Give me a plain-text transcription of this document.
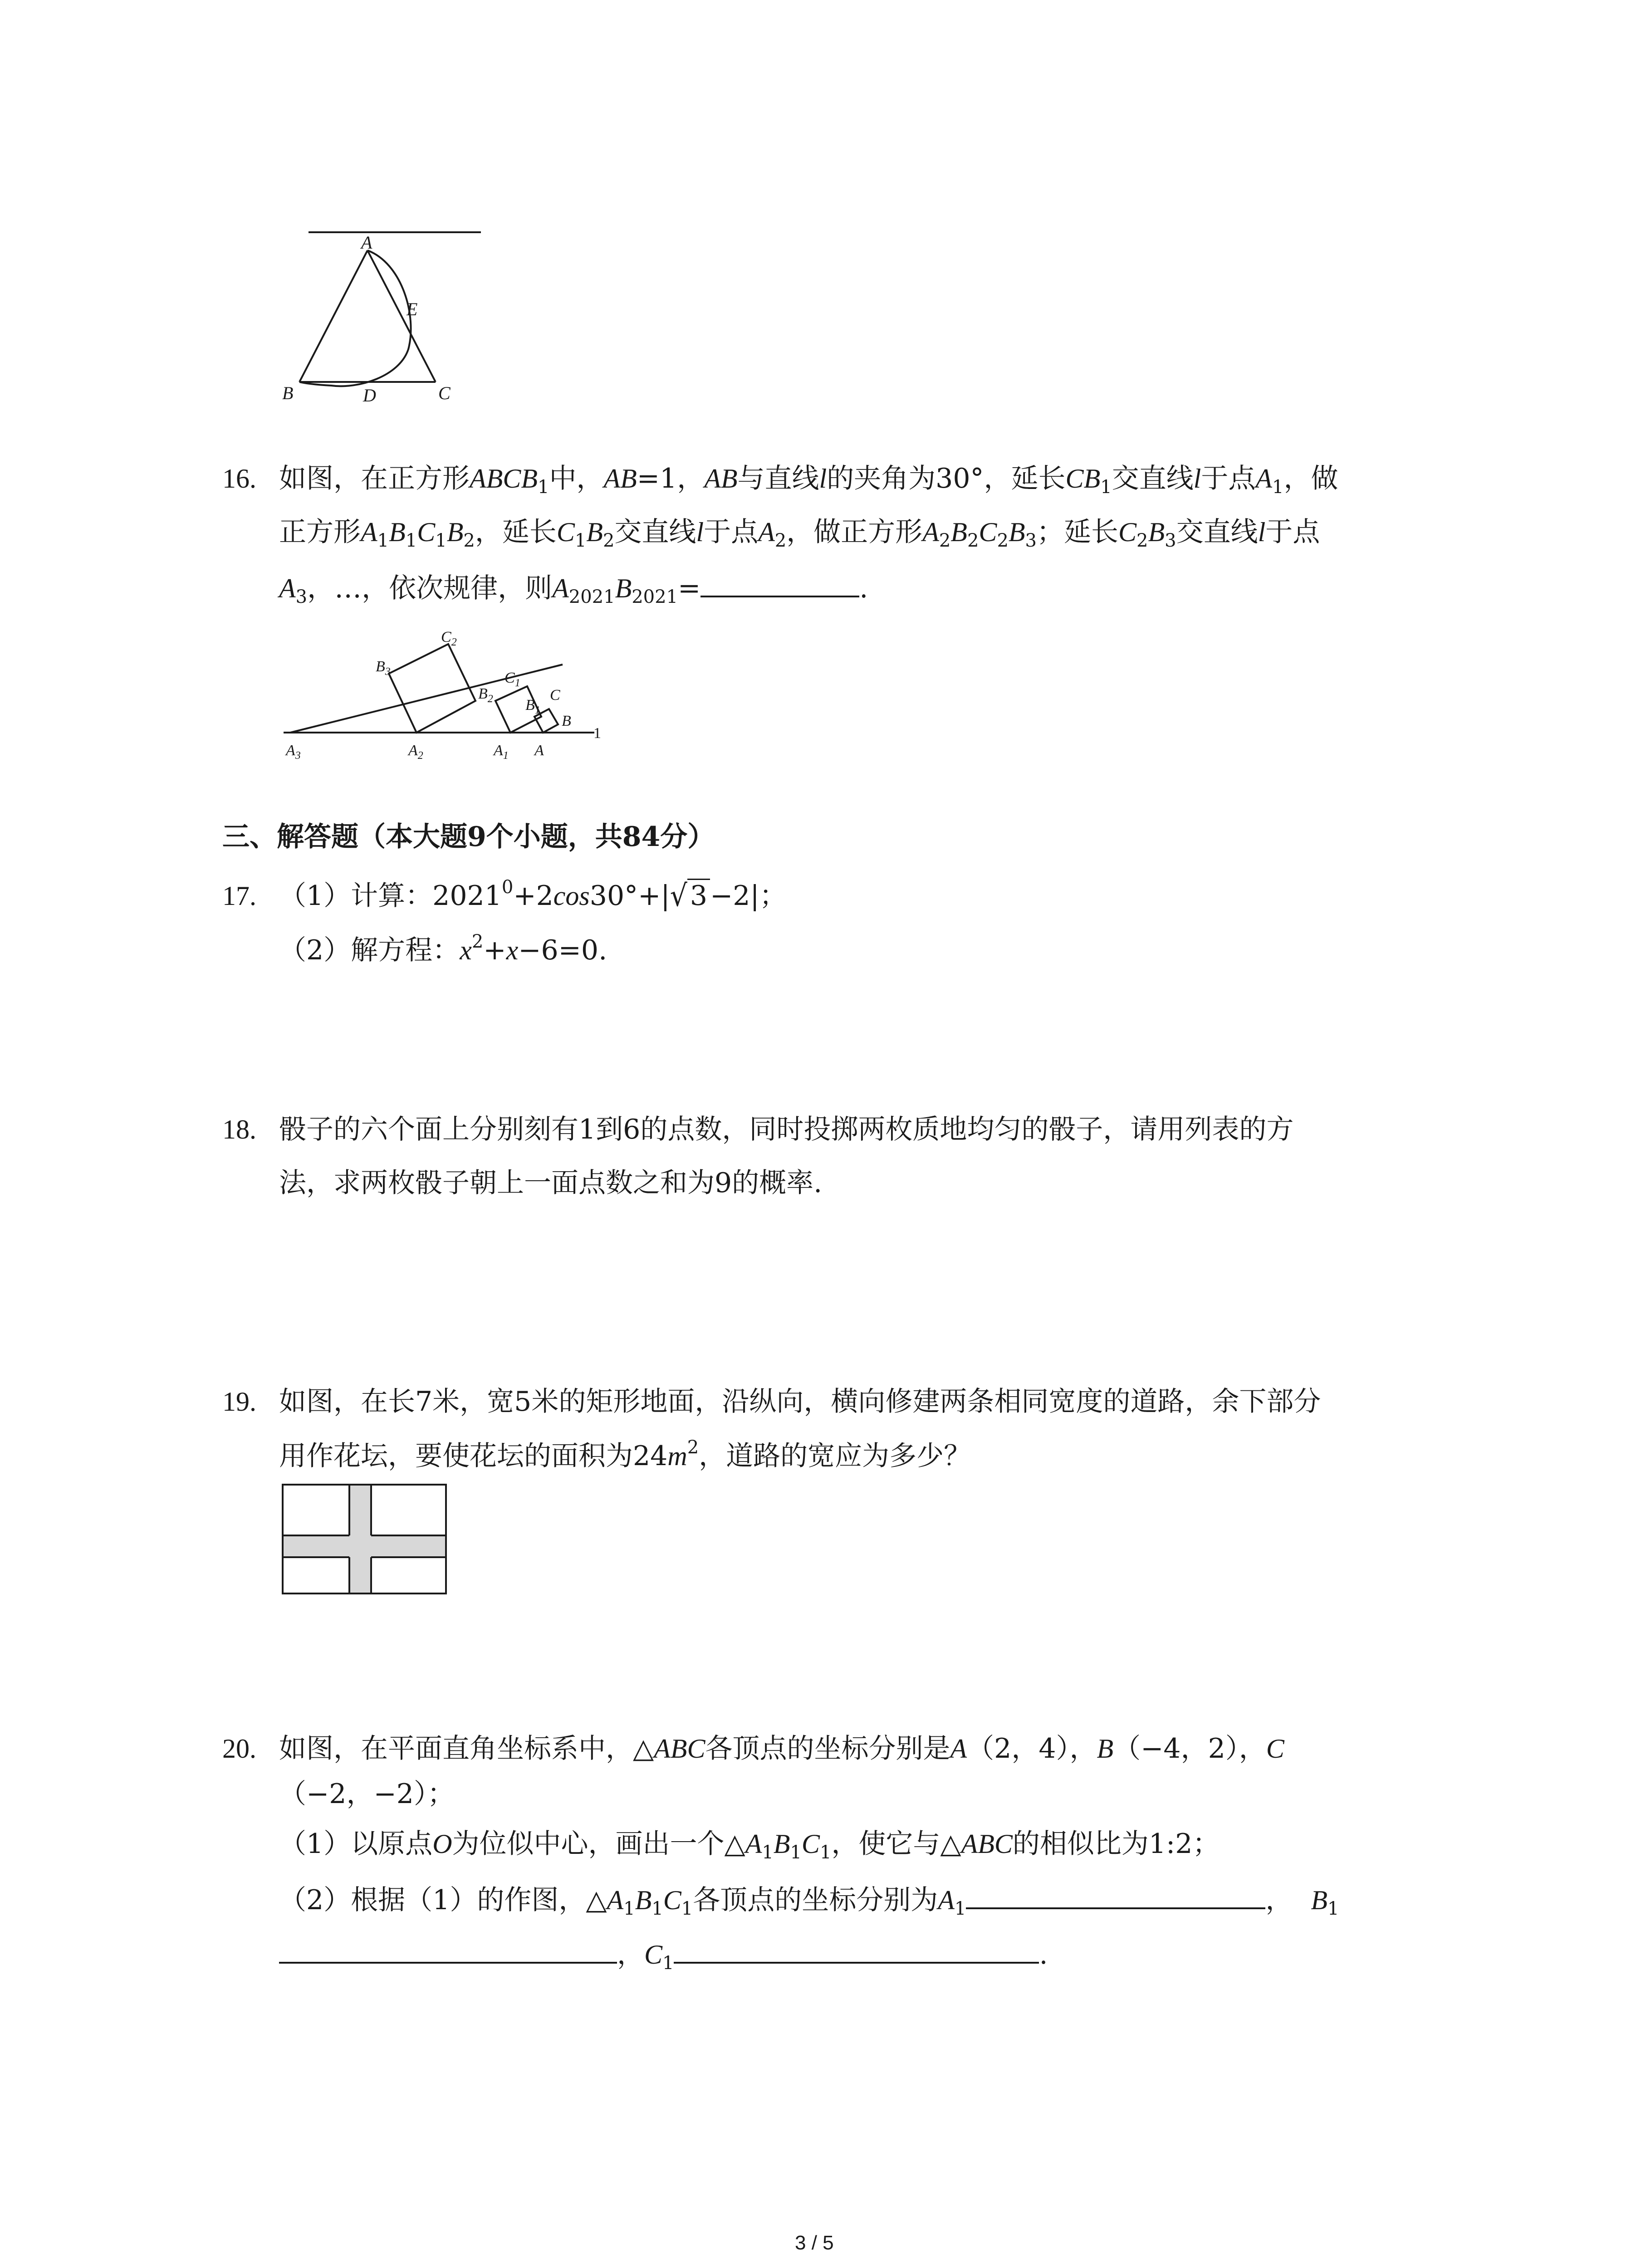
A
E
B	D	C
16. 如图，在正方形$ABCB_1$中，AB=1，AB与直线l的夹角为30°，延长$CB_1$交直线l于点$A_1$，做
正方形$A_1B_1C_1B_2$，延长$C_1B_2$交直线l于点$A_2$，做正方形$A_2B_2C_2B_3$；延长$C_2B_3$交直线l于点
$A_3$，…，依次规律，则$A_{2021}B_{2021}=$	.
$C_2$
$B_3$	$C_1$
$B_2$ $B_1$
C
B
1
$A_3$	$A_2$	$A_1$ A
三、解答题（本大题9个小题，共84分）
17. （1）计算：$2021^0+2\cos 30^\circ+|√$ 3 −2|；
（2）解方程：$x^2+x-6=0$.
18. 骰子的六个面上分别刻有1到6的点数，同时投掷两枚质地均匀的骰子，请用列表的方
法，求两枚骰子朝上一面点数之和为9的概率.
19. 如图，在长7米，宽5米的矩形地面，沿纵向，横向修建两条相同宽度的道路，余下部分
用作花坛，要使花坛的面积为$24m^2$，道路的宽应为多少？
20. 如图，在平面直角坐标系中，△ABC各顶点的坐标分别是A（2，4），B（−4，2），C
（−2，−2）；
（1）以原点O为位似中心，画出一个$\triangle A_1B_1C_1$，使它与△ABC的相似比为1:2；
（2）根据（1）的作图，$\triangle A_1B_1C_1$各顶点的坐标分别为$A_1$	， $B_1$
，$C_1$	.
3 / 5
